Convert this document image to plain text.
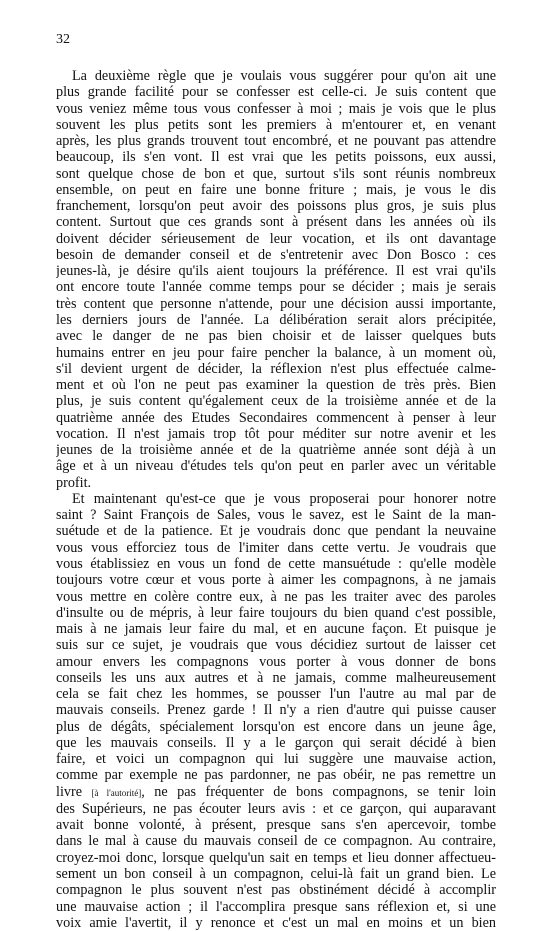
32
La deuxième règle que je voulais vous suggérer pour qu'on ait une
plus grande facilité pour se confesser est celle-ci. Je suis content que
vous veniez même tous vous confesser à moi ; mais je vois que le plus
souvent les plus petits sont les premiers à m'entourer et, en venant
après, les plus grands trouvent tout encombré, et ne pouvant pas attendre
beaucoup, ils s'en vont. Il est vrai que les petits poissons, eux aussi,
sont quelque chose de bon et que, surtout s'ils sont réunis nombreux
ensemble, on peut en faire une bonne friture ; mais, je vous le dis
franchement, lorsqu'on peut avoir des poissons plus gros, je suis plus
content. Surtout que ces grands sont à présent dans les années où ils
doivent décider sérieusement de leur vocation, et ils ont davantage
besoin de demander conseil et de s'entretenir avec Don Bosco : ces
jeunes-là, je désire qu'ils aient toujours la préférence. Il est vrai qu'ils
ont encore toute l'année comme temps pour se décider ; mais je serais
très content que personne n'attende, pour une décision aussi importante,
les derniers jours de l'année. La délibération serait alors précipitée,
avec le danger de ne pas bien choisir et de laisser quelques buts
humains entrer en jeu pour faire pencher la balance, à un moment où,
s'il devient urgent de décider, la réflexion n'est plus effectuée calme-
ment et où l'on ne peut pas examiner la question de très près. Bien
plus, je suis content qu'également ceux de la troisième année et de la
quatrième année des Etudes Secondaires commencent à penser à leur
vocation. Il n'est jamais trop tôt pour méditer sur notre avenir et les
jeunes de la troisième année et de la quatrième année sont déjà à un
âge et à un niveau d'études tels qu'on peut en parler avec un véritable
profit.
Et maintenant qu'est-ce que je vous proposerai pour honorer notre
saint ? Saint François de Sales, vous le savez, est le Saint de la man-
suétude et de la patience. Et je voudrais donc que pendant la neuvaine
vous vous efforciez tous de l'imiter dans cette vertu. Je voudrais que
vous établissiez en vous un fond de cette mansuétude : qu'elle modèle
toujours votre cœur et vous porte à aimer les compagnons, à ne jamais
vous mettre en colère contre eux, à ne pas les traiter avec des paroles
d'insulte ou de mépris, à leur faire toujours du bien quand c'est possible,
mais à ne jamais leur faire du mal, et en aucune façon. Et puisque je
suis sur ce sujet, je voudrais que vous décidiez surtout de laisser cet
amour envers les compagnons vous porter à vous donner de bons
conseils les uns aux autres et à ne jamais, comme malheureusement
cela se fait chez les hommes, se pousser l'un l'autre au mal par de
mauvais conseils. Prenez garde ! Il n'y a rien d'autre qui puisse causer
plus de dégâts, spécialement lorsqu'on est encore dans un jeune âge,
que les mauvais conseils. Il y a le garçon qui serait décidé à bien
faire, et voici un compagnon qui lui suggère une mauvaise action,
comme par exemple ne pas pardonner, ne pas obéir, ne pas remettre un
livre [à l'autorité], ne pas fréquenter de bons compagnons, se tenir loin
des Supérieurs, ne pas écouter leurs avis : et ce garçon, qui auparavant
avait bonne volonté, à présent, presque sans s'en apercevoir, tombe
dans le mal à cause du mauvais conseil de ce compagnon. Au contraire,
croyez-moi donc, lorsque quelqu'un sait en temps et lieu donner affectueu-
sement un bon conseil à un compagnon, celui-là fait un grand bien. Le
compagnon le plus souvent n'est pas obstinément décidé à accomplir
une mauvaise action ; il l'accomplira presque sans réflexion et, si une
voix amie l'avertit, il y renonce et c'est un mal en moins et un bien
